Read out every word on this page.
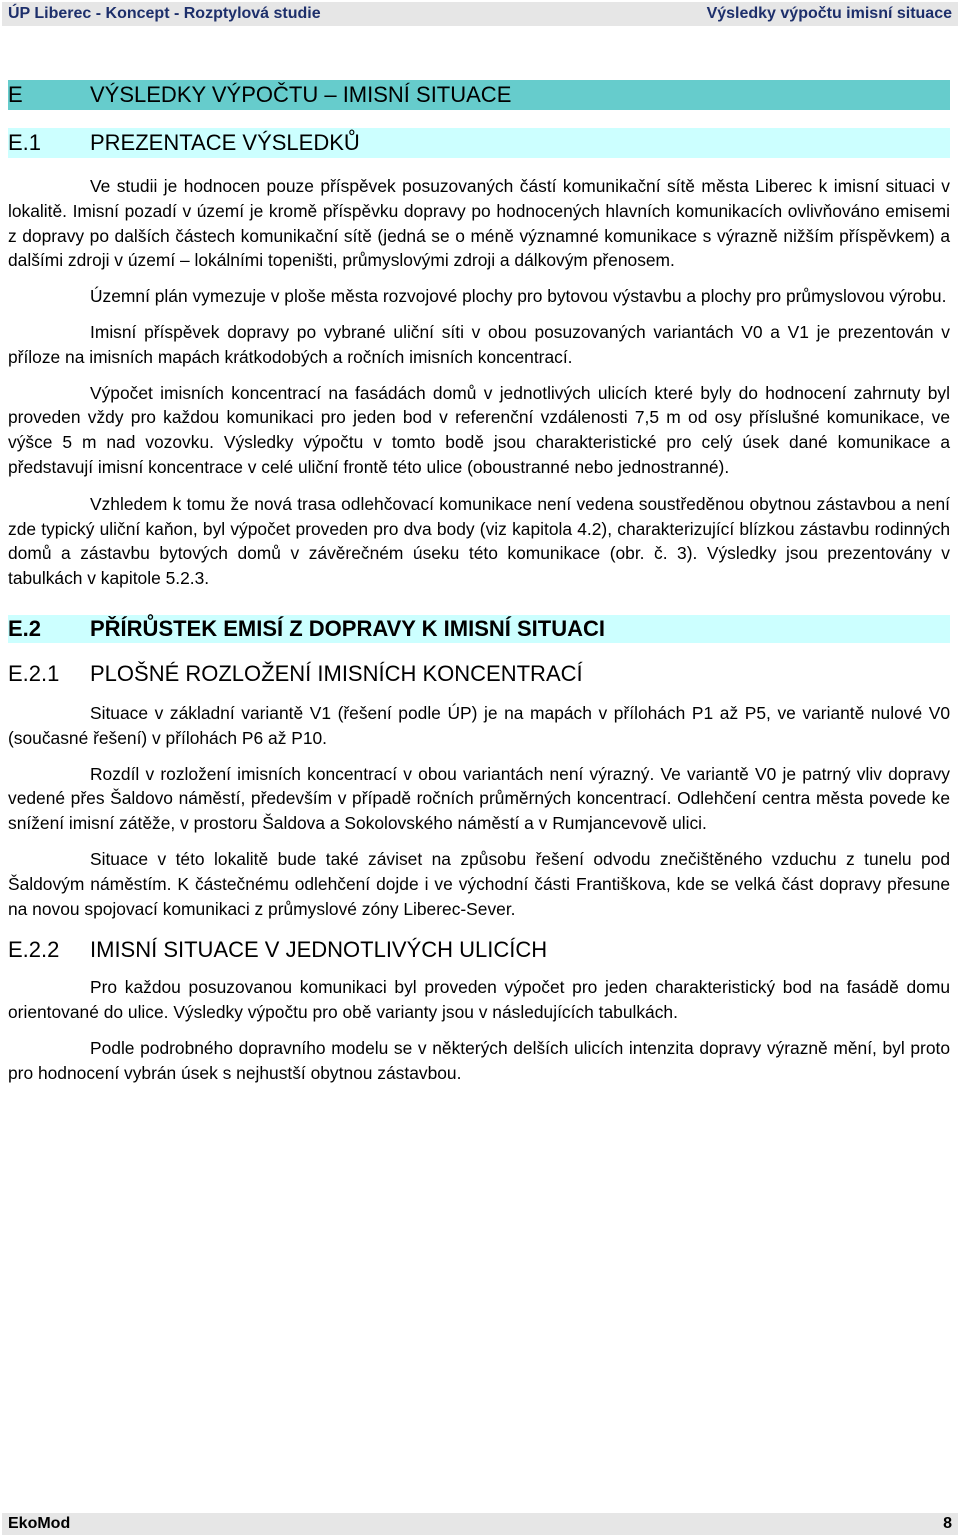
ÚP Liberec - Koncept - Rozptylová studie	Výsledky výpočtu imisní situace
E	VÝSLEDKY VÝPOČTU – IMISNÍ SITUACE
E.1	PREZENTACE VÝSLEDKŮ

Ve studii je hodnocen pouze příspěvek posuzovaných částí komunikační sítě města Liberec k imisní situaci v lokalitě. Imisní pozadí v území je kromě příspěvku dopravy po hodnocených hlavních komunikacích ovlivňováno emisemi z dopravy po dalších částech komunikační sítě (jedná se o méně významné komunikace s výrazně nižším příspěvkem) a dalšími zdroji v území – lokálními topeništi, průmyslovými zdroji a dálkovým přenosem.

Územní plán vymezuje v ploše města rozvojové plochy pro bytovou výstavbu a plochy pro průmyslovou výrobu.

Imisní příspěvek dopravy po vybrané uliční síti v obou posuzovaných variantách V0 a V1 je prezentován v příloze na imisních mapách krátkodobých a ročních imisních koncentrací.

Výpočet imisních koncentrací na fasádách domů v jednotlivých ulicích které byly do hodnocení zahrnuty byl proveden vždy pro každou komunikaci pro jeden bod v referenční vzdálenosti 7,5 m od osy příslušné komunikace, ve výšce 5 m nad vozovku. Výsledky výpočtu v tomto bodě jsou charakteristické pro celý úsek dané komunikace a představují imisní koncentrace v celé uliční frontě této ulice (oboustranné nebo jednostranné).

Vzhledem k tomu že nová trasa odlehčovací komunikace není vedena soustředěnou obytnou zástavbou a není zde typický uliční kaňon, byl výpočet proveden pro dva body (viz kapitola 4.2), charakterizující blízkou zástavbu rodinných domů a zástavbu bytových domů v závěrečném úseku této komunikace (obr. č. 3). Výsledky jsou prezentovány v tabulkách v kapitole 5.2.3.

E.2	PŘÍRŮSTEK EMISÍ Z DOPRAVY K IMISNÍ SITUACI
E.2.1	PLOŠNÉ ROZLOŽENÍ IMISNÍCH KONCENTRACÍ

Situace v základní variantě V1 (řešení podle ÚP) je na mapách v přílohách P1 až P5, ve variantě nulové V0 (současné řešení) v přílohách P6 až P10.

Rozdíl v rozložení imisních koncentrací v obou variantách není výrazný. Ve variantě V0 je patrný vliv dopravy vedené přes Šaldovo náměstí, především v případě ročních průměrných koncentrací. Odlehčení centra města povede ke snížení imisní zátěže, v prostoru Šaldova a Sokolovského náměstí a v Rumjancevově ulici.

Situace v této lokalitě bude také záviset na způsobu řešení odvodu znečištěného vzduchu z tunelu pod Šaldovým náměstím. K částečnému odlehčení dojde i ve východní části Františkova, kde se velká část dopravy přesune na novou spojovací komunikaci z průmyslové zóny Liberec-Sever.

E.2.2	IMISNÍ SITUACE V JEDNOTLIVÝCH ULICÍCH

Pro každou posuzovanou komunikaci byl proveden výpočet pro jeden charakteristický bod na fasádě domu orientované do ulice. Výsledky výpočtu pro obě varianty jsou v následujících tabulkách.

Podle podrobného dopravního modelu se v některých delších ulicích intenzita dopravy výrazně mění, byl proto pro hodnocení vybrán úsek s nejhustší obytnou zástavbou.

EkoMod	8
